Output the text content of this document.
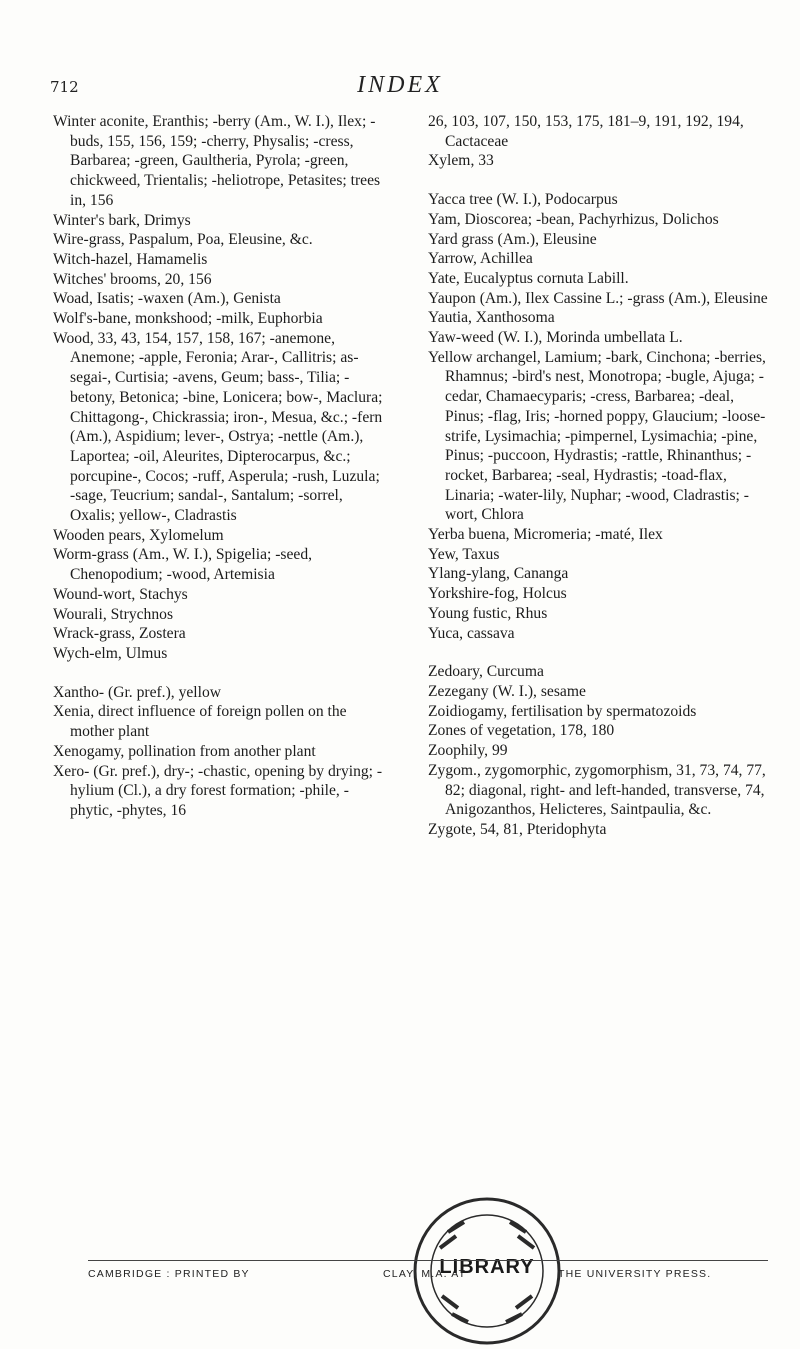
712	INDEX
Winter aconite, Eranthis; -berry (Am., W. I.), Ilex; -buds, 155, 156, 159; -cherry, Physalis; -cress, Barbarea; -green, Gaultheria, Pyrola; -green, chickweed, Trientalis; -heliotrope, Petasites; trees in, 156
Winter's bark, Drimys
Wire-grass, Paspalum, Poa, Eleusine, &c.
Witch-hazel, Hamamelis
Witches' brooms, 20, 156
Woad, Isatis; -waxen (Am.), Genista
Wolf's-bane, monkshood; -milk, Euphorbia
Wood, 33, 43, 154, 157, 158, 167; -anemone, Anemone; -apple, Feronia; Arar-, Callitris; as-segai-, Curtisia; -avens, Geum; bass-, Tilia; -betony, Betonica; -bine, Lonicera; bow-, Maclura; Chittagong-, Chickrassia; iron-, Mesua, &c.; -fern (Am.), Aspidium; lever-, Ostrya; -nettle (Am.), Laportea; -oil, Aleurites, Dipterocarpus, &c.; porcupine-, Cocos; -ruff, Asperula; -rush, Luzula; -sage, Teucrium; sandal-, Santalum; -sorrel, Oxalis; yellow-, Cladrastis
Wooden pears, Xylomelum
Worm-grass (Am., W. I.), Spigelia; -seed, Chenopodium; -wood, Artemisia
Wound-wort, Stachys
Wourali, Strychnos
Wrack-grass, Zostera
Wych-elm, Ulmus
Xantho- (Gr. pref.), yellow
Xenia, direct influence of foreign pollen on the mother plant
Xenogamy, pollination from another plant
Xero- (Gr. pref.), dry-; -chastic, opening by drying; -hylium (Cl.), a dry forest formation; -phile, -phytic, -phytes, 16
26, 103, 107, 150, 153, 175, 181–9, 191, 192, 194, Cactaceae
Xylem, 33
Yacca tree (W. I.), Podocarpus
Yam, Dioscorea; -bean, Pachyrhizus, Dolichos
Yard grass (Am.), Eleusine
Yarrow, Achillea
Yate, Eucalyptus cornuta Labill.
Yaupon (Am.), Ilex Cassine L.; -grass (Am.), Eleusine
Yautia, Xanthosoma
Yaw-weed (W. I.), Morinda umbellata L.
Yellow archangel, Lamium; -bark, Cinchona; -berries, Rhamnus; -bird's nest, Monotropa; -bugle, Ajuga; -cedar, Chamaecyparis; -cress, Barbarea; -deal, Pinus; -flag, Iris; -horned poppy, Glaucium; -loose-strife, Lysimachia; -pimpernel, Lysimachia; -pine, Pinus; -puccoon, Hydrastis; -rattle, Rhinanthus; -rocket, Barbarea; -seal, Hydrastis; -toad-flax, Linaria; -water-lily, Nuphar; -wood, Cladrastis; -wort, Chlora
Yerba buena, Micromeria; -maté, Ilex
Yew, Taxus
Ylang-ylang, Cananga
Yorkshire-fog, Holcus
Young fustic, Rhus
Yuca, cassava
Zedoary, Curcuma
Zezegany (W. I.), sesame
Zoidiogamy, fertilisation by spermatozoids
Zones of vegetation, 178, 180
Zoophily, 99
Zygom., zygomorphic, zygomorphism, 31, 73, 74, 77, 82; diagonal, right- and left-handed, transverse, 74, Anigozanthos, Helicteres, Saintpaulia, &c.
Zygote, 54, 81, Pteridophyta
LIBRARY
CAMBRIDGE : PRINTED BY	CLAY, M.A. AT	THE UNIVERSITY PRESS.
